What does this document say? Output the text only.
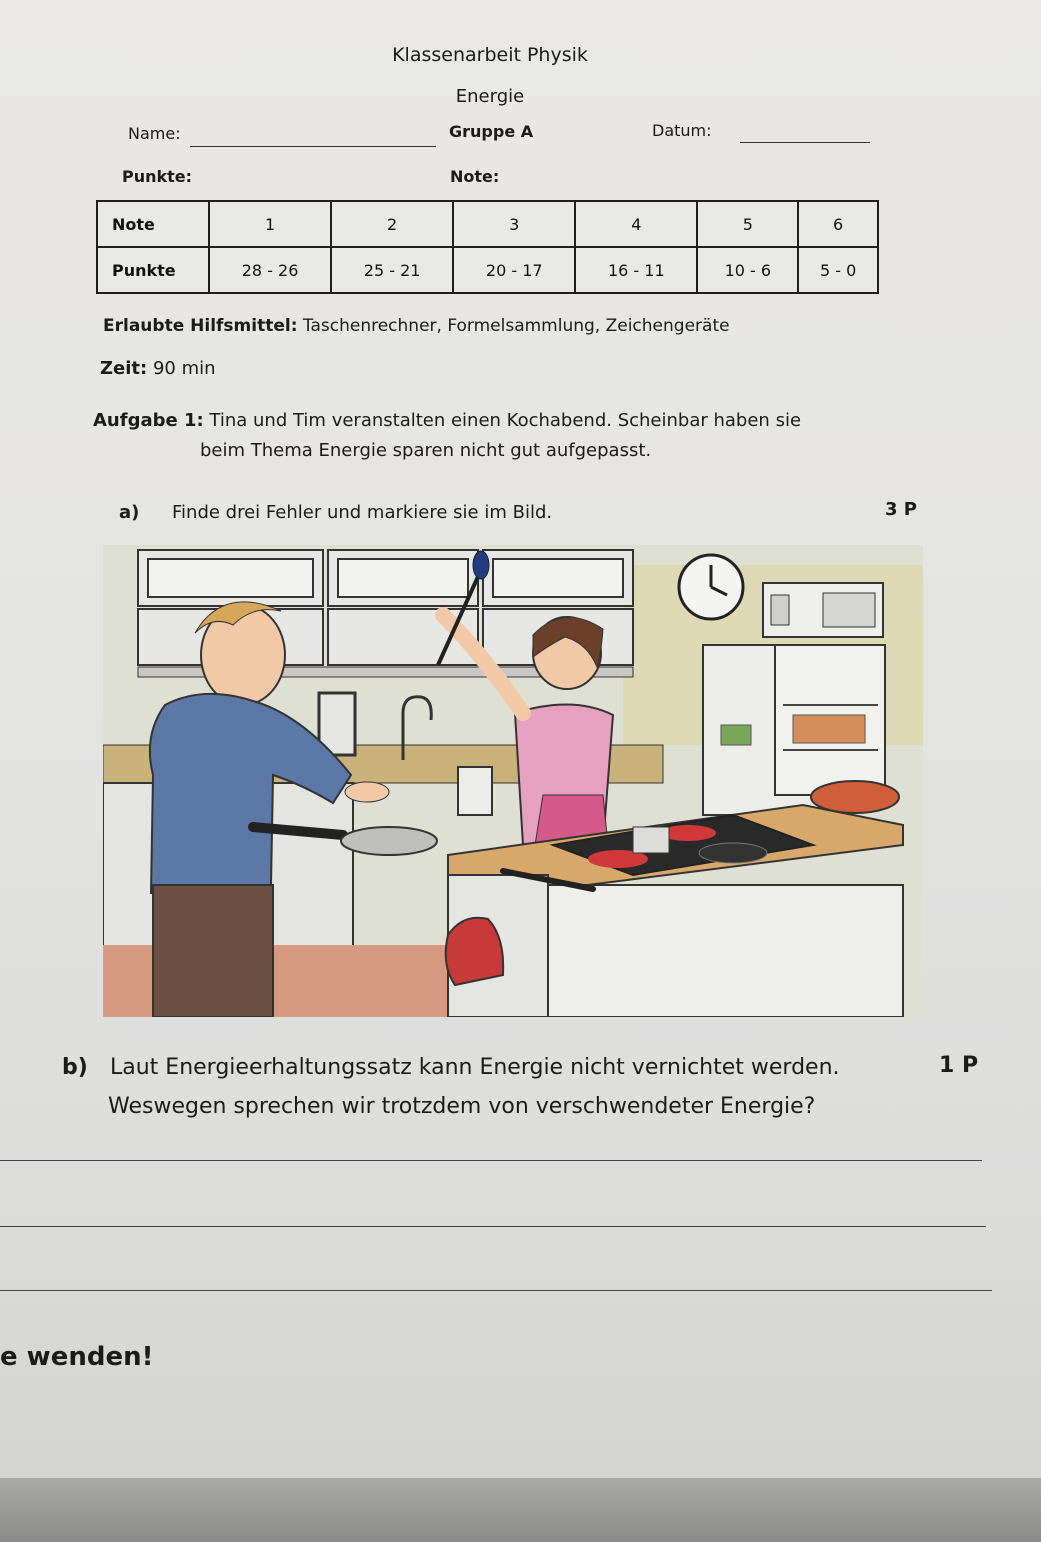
Klassenarbeit Physik
Energie
Name:	Gruppe A	Datum:
Punkte:	Note:
Note	1	2	3	4	5	6
Punkte	28 - 26	25 - 21	20 - 17	16 - 11	10 - 6	5 - 0
Erlaubte Hilfsmittel: Taschenrechner, Formelsammlung, Zeichengeräte
Zeit: 90 min
Aufgabe 1: Tina und Tim veranstalten einen Kochabend. Scheinbar haben sie
beim Thema Energie sparen nicht gut aufgepasst.
a) Finde drei Fehler und markiere sie im Bild.	3 P
b) Laut Energieerhaltungssatz kann Energie nicht vernichtet werden.	1 P
Weswegen sprechen wir trotzdem von verschwendeter Energie?
e wenden!
